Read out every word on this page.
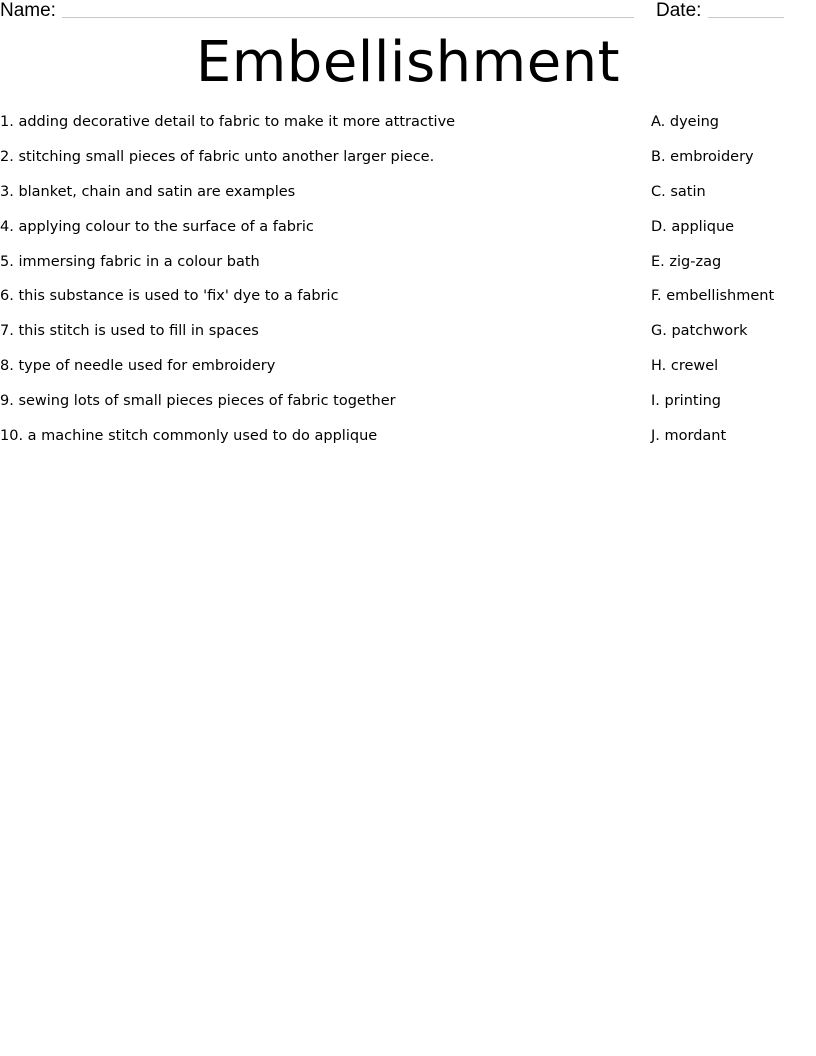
Name:	Date:
Embellishment
1. adding decorative detail to fabric to make it more attractive	A. dyeing
2. stitching small pieces of fabric unto another larger piece.	B. embroidery
3. blanket, chain and satin are examples	C. satin
4. applying colour to the surface of a fabric	D. applique
5. immersing fabric in a colour bath	E. zig-zag
6. this substance is used to 'fix' dye to a fabric	F. embellishment
7. this stitch is used to fill in spaces	G. patchwork
8. type of needle used for embroidery	H. crewel
9. sewing lots of small pieces pieces of fabric together	I. printing
10. a machine stitch commonly used to do applique	J. mordant
